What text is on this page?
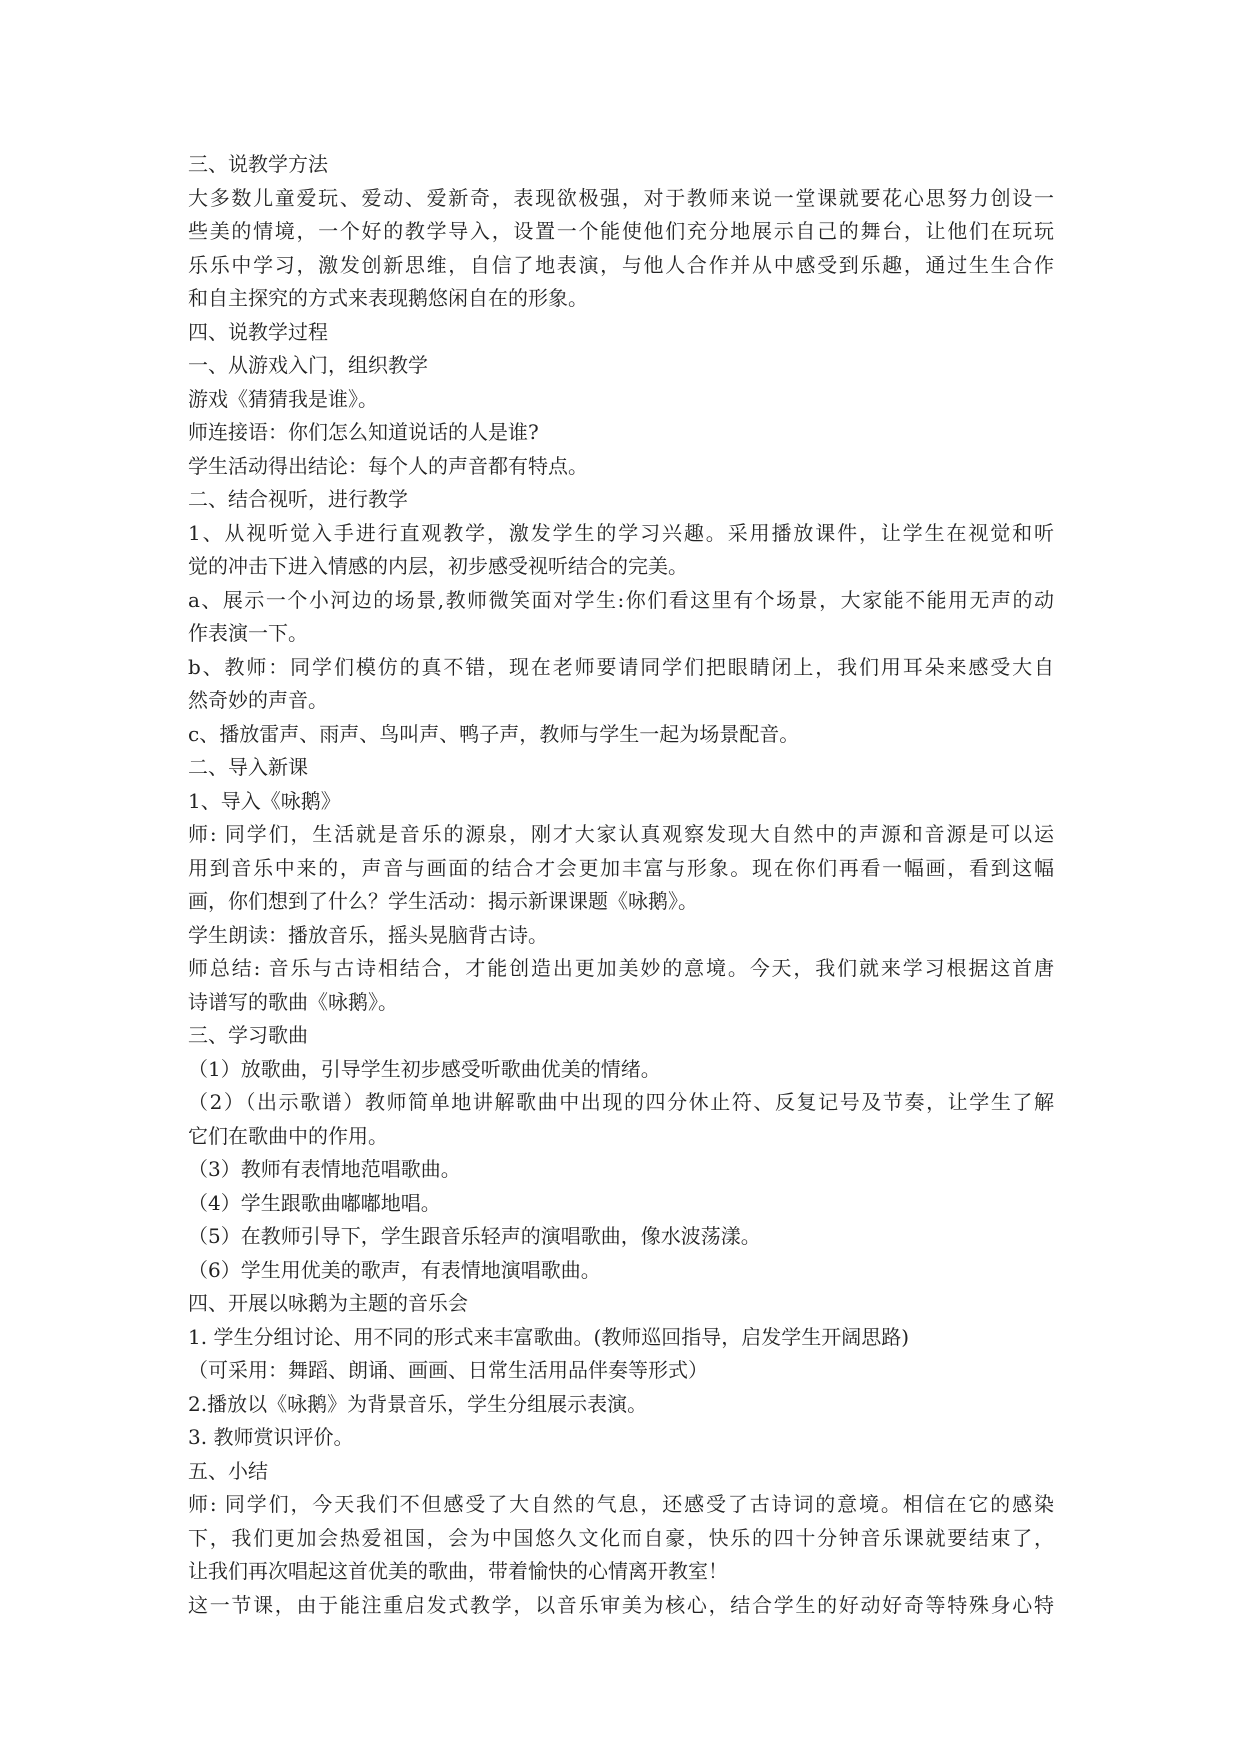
三、说教学方法
大多数儿童爱玩、爱动、爱新奇，表现欲极强，对于教师来说一堂课就要花心思努力创设一
些美的情境，一个好的教学导入，设置一个能使他们充分地展示自己的舞台，让他们在玩玩
乐乐中学习，激发创新思维，自信了地表演，与他人合作并从中感受到乐趣，通过生生合作
和自主探究的方式来表现鹅悠闲自在的形象。
四、说教学过程
一、从游戏入门，组织教学
游戏《猜猜我是谁》。
师连接语：你们怎么知道说话的人是谁?
学生活动得出结论：每个人的声音都有特点。
二、结合视听，进行教学
1、从视听觉入手进行直观教学，激发学生的学习兴趣。采用播放课件，让学生在视觉和听
觉的冲击下进入情感的内层，初步感受视听结合的完美。
a、展示一个小河边的场景,教师微笑面对学生:你们看这里有个场景，大家能不能用无声的动
作表演一下。
b、教师：同学们模仿的真不错，现在老师要请同学们把眼睛闭上，我们用耳朵来感受大自
然奇妙的声音。
c、播放雷声、雨声、鸟叫声、鸭子声，教师与学生一起为场景配音。
二、导入新课
1、导入《咏鹅》
师: 同学们，生活就是音乐的源泉，刚才大家认真观察发现大自然中的声源和音源是可以运
用到音乐中来的，声音与画面的结合才会更加丰富与形象。现在你们再看一幅画，看到这幅
画，你们想到了什么？学生活动：揭示新课课题《咏鹅》。
学生朗读：播放音乐，摇头晃脑背古诗。
师总结: 音乐与古诗相结合，才能创造出更加美妙的意境。今天，我们就来学习根据这首唐
诗谱写的歌曲《咏鹅》。
三、学习歌曲
（1）放歌曲，引导学生初步感受听歌曲优美的情绪。
（2）（出示歌谱）教师简单地讲解歌曲中出现的四分休止符、反复记号及节奏，让学生了解
它们在歌曲中的作用。
（3）教师有表情地范唱歌曲。
（4）学生跟歌曲嘟嘟地唱。
（5）在教师引导下，学生跟音乐轻声的演唱歌曲，像水波荡漾。
（6）学生用优美的歌声，有表情地演唱歌曲。
四、开展以咏鹅为主题的音乐会
1. 学生分组讨论、用不同的形式来丰富歌曲。(教师巡回指导，启发学生开阔思路)
（可采用：舞蹈、朗诵、画画、日常生活用品伴奏等形式）
2.播放以《咏鹅》为背景音乐，学生分组展示表演。
3. 教师赏识评价。
五、小结
师: 同学们，今天我们不但感受了大自然的气息，还感受了古诗词的意境。相信在它的感染
下，我们更加会热爱祖国，会为中国悠久文化而自豪，快乐的四十分钟音乐课就要结束了，
让我们再次唱起这首优美的歌曲，带着愉快的心情离开教室！
这一节课，由于能注重启发式教学，以音乐审美为核心，结合学生的好动好奇等特殊身心特
